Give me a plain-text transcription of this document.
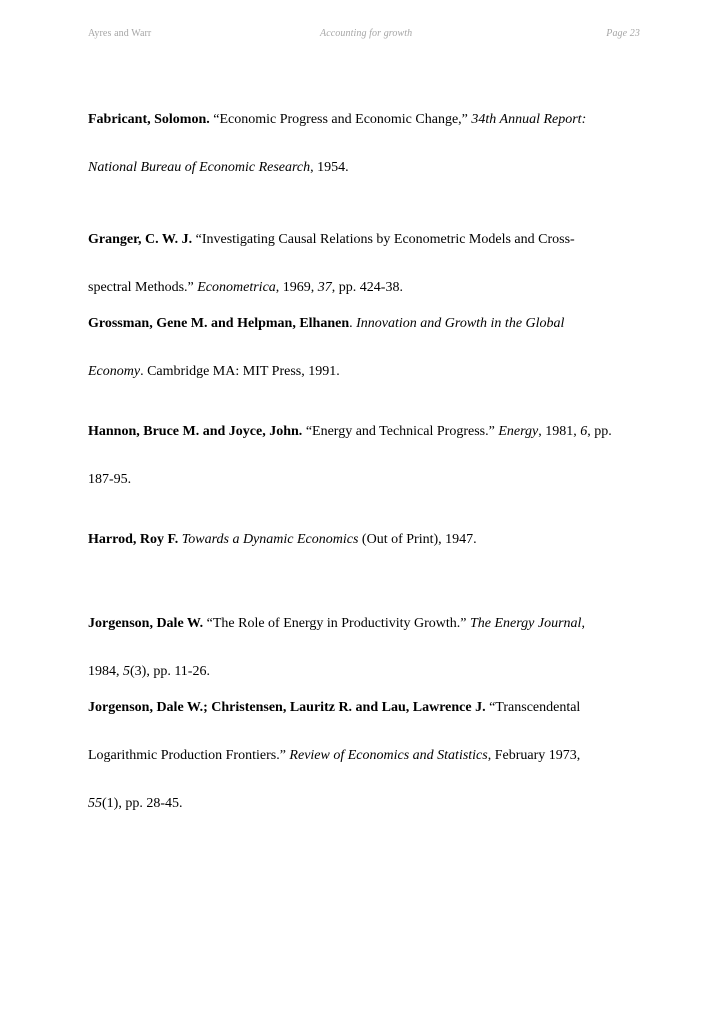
Ayres and Warr	Accounting for growth	Page 23
Fabricant, Solomon. “Economic Progress and Economic Change,” 34th Annual Report:
National Bureau of Economic Research, 1954.
Granger, C. W. J. “Investigating Causal Relations by Econometric Models and Cross-
spectral Methods.” Econometrica, 1969, 37, pp. 424-38.
Grossman, Gene M. and Helpman, Elhanen. Innovation and Growth in the Global
Economy. Cambridge MA: MIT Press, 1991.
Hannon, Bruce M. and Joyce, John. “Energy and Technical Progress.” Energy, 1981, 6, pp.
187-95.
Harrod, Roy F. Towards a Dynamic Economics (Out of Print), 1947.
Jorgenson, Dale W. “The Role of Energy in Productivity Growth.” The Energy Journal,
1984, 5(3), pp. 11-26.
Jorgenson, Dale W.; Christensen, Lauritz R. and Lau, Lawrence J. “Transcendental
Logarithmic Production Frontiers.” Review of Economics and Statistics, February 1973,
55(1), pp. 28-45.
